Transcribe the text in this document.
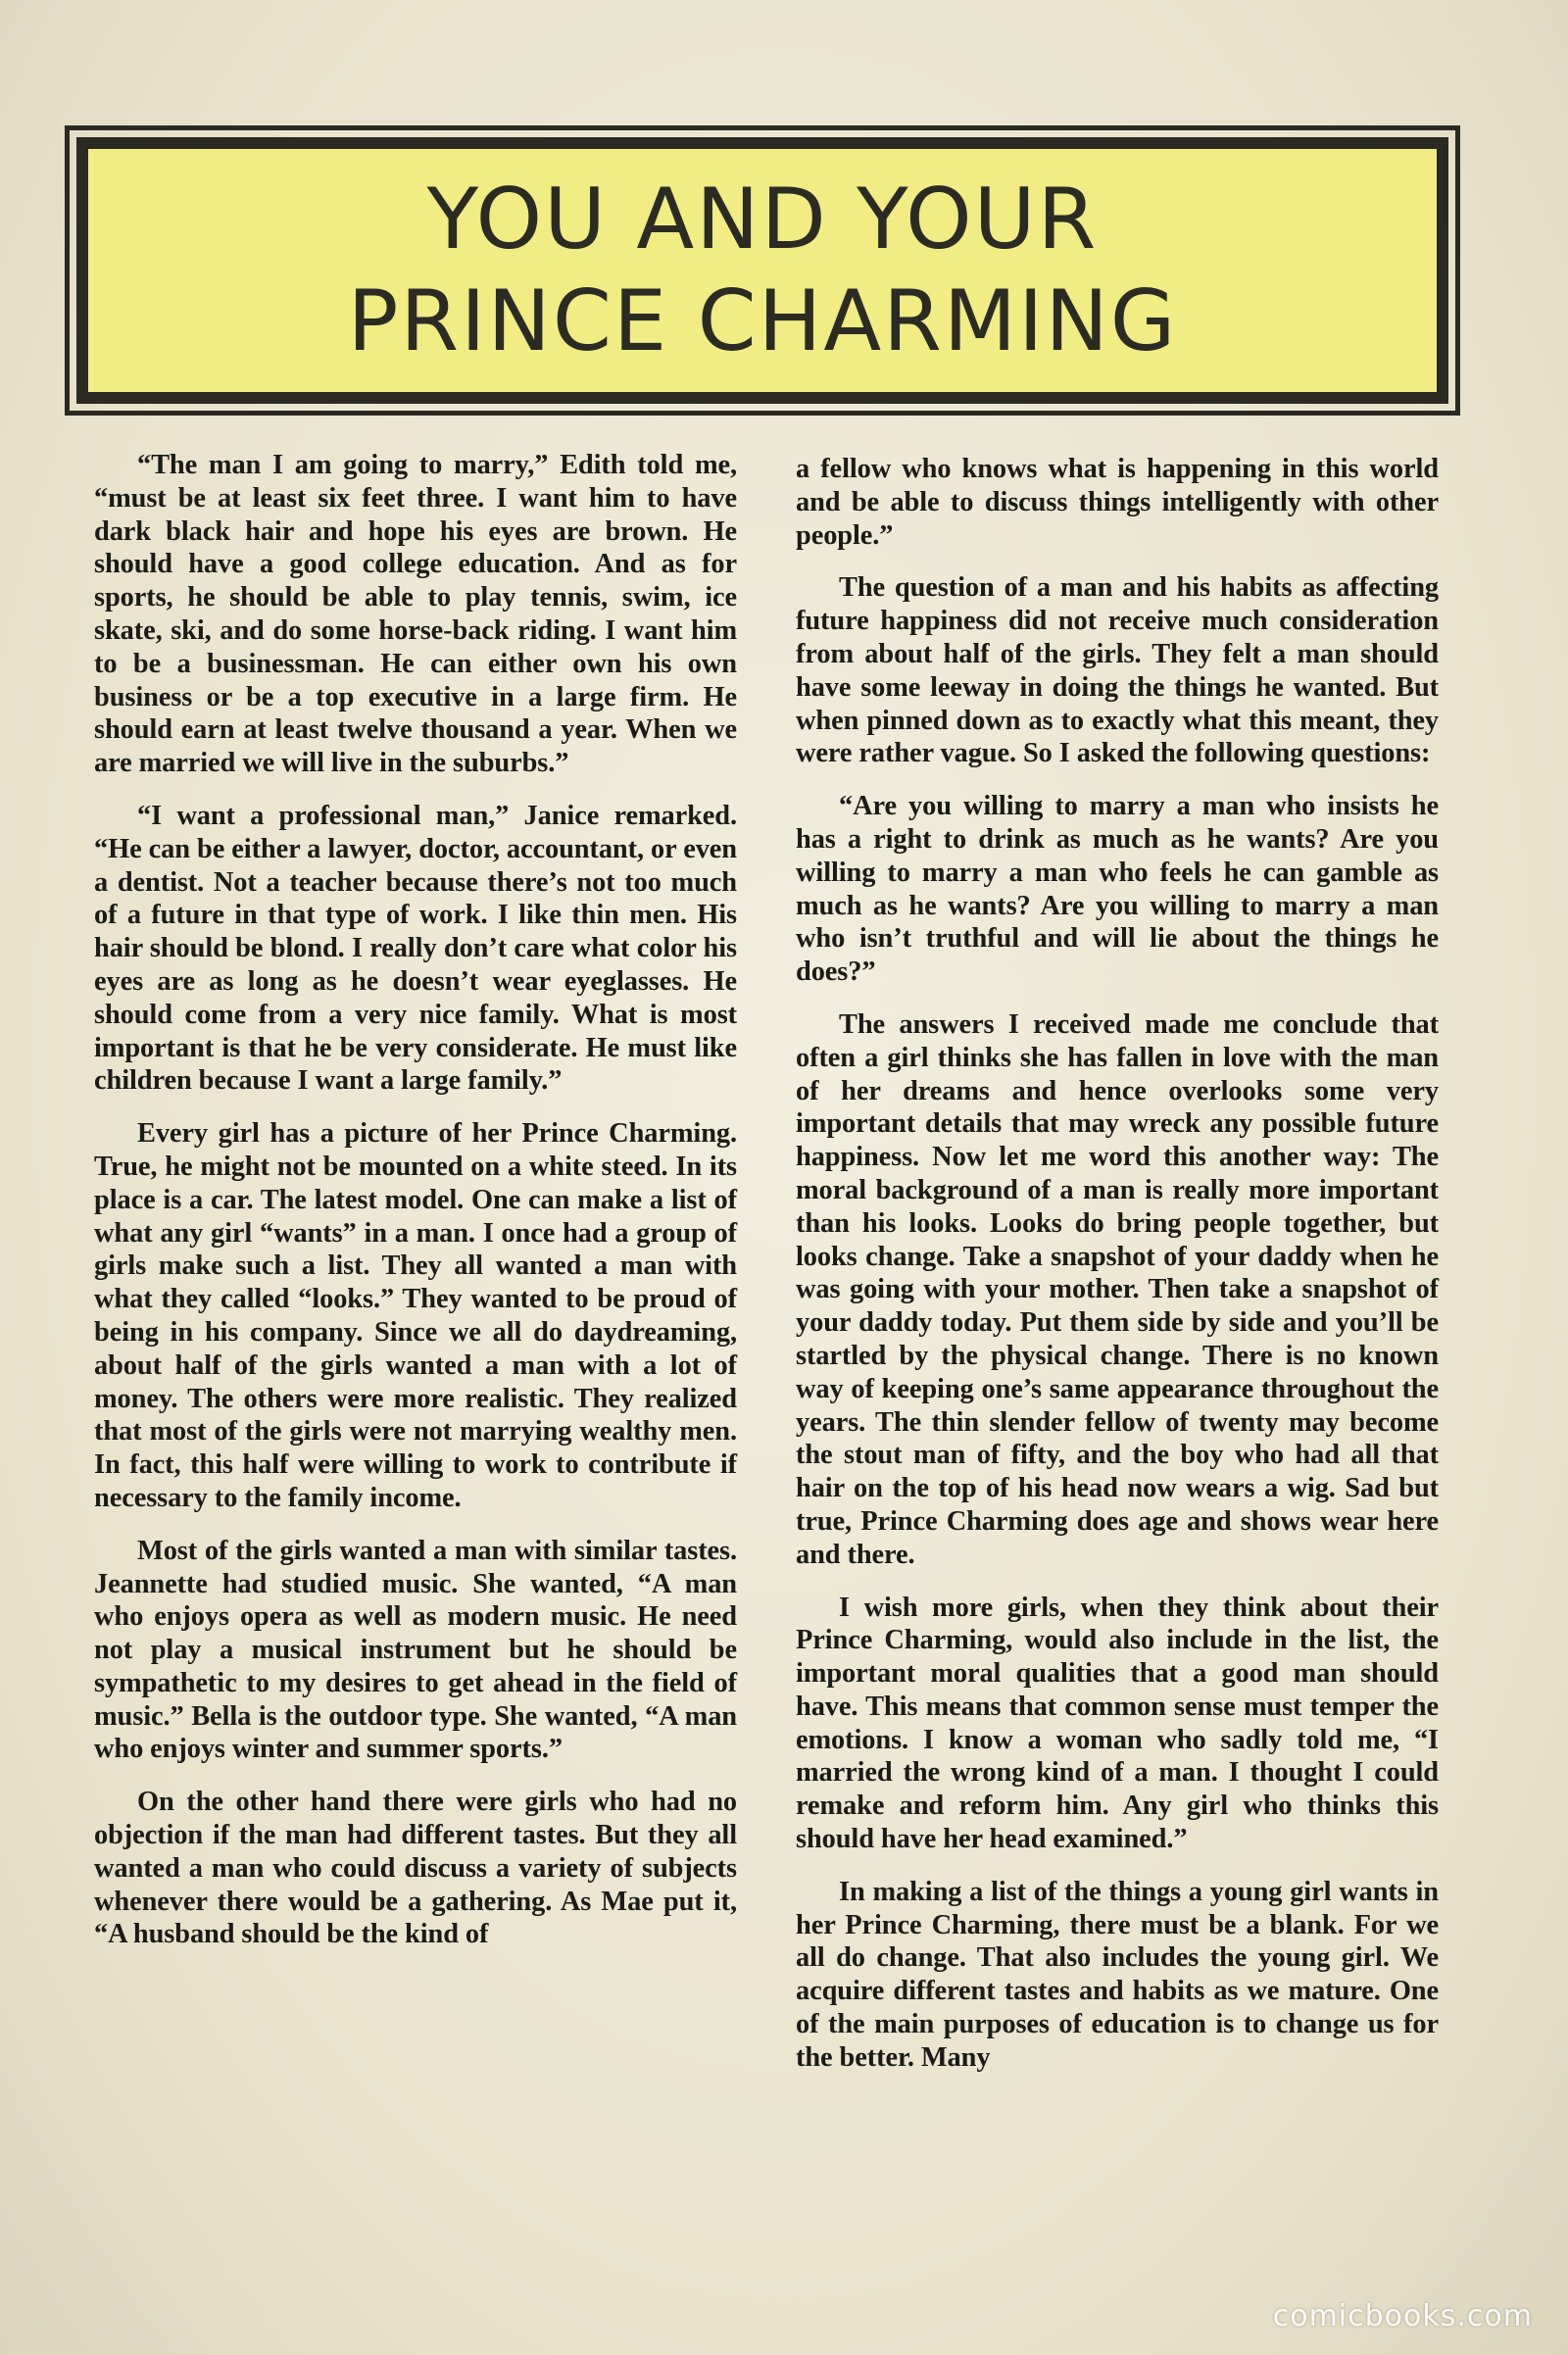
YOU AND YOUR
PRINCE CHARMING

“The man I am going to marry,” Edith told me, “must be at least six feet three. I want him to have dark black hair and hope his eyes are brown. He should have a good college education. And as for sports, he should be able to play tennis, swim, ice skate, ski, and do some horse-back riding. I want him to be a businessman. He can either own his own business or be a top executive in a large firm. He should earn at least twelve thousand a year. When we are married we will live in the suburbs.”

“I want a professional man,” Janice remarked. “He can be either a lawyer, doctor, accountant, or even a dentist. Not a teacher because there’s not too much of a future in that type of work. I like thin men. His hair should be blond. I really don’t care what color his eyes are as long as he doesn’t wear eyeglasses. He should come from a very nice family. What is most important is that he be very considerate. He must like children because I want a large family.”

Every girl has a picture of her Prince Charming. True, he might not be mounted on a white steed. In its place is a car. The latest model. One can make a list of what any girl “wants” in a man. I once had a group of girls make such a list. They all wanted a man with what they called “looks.” They wanted to be proud of being in his company. Since we all do daydreaming, about half of the girls wanted a man with a lot of money. The others were more realistic. They realized that most of the girls were not marrying wealthy men. In fact, this half were willing to work to contribute if necessary to the family income.

Most of the girls wanted a man with similar tastes. Jeannette had studied music. She wanted, “A man who enjoys opera as well as modern music. He need not play a musical instrument but he should be sympathetic to my desires to get ahead in the field of music.” Bella is the outdoor type. She wanted, “A man who enjoys winter and summer sports.”

On the other hand there were girls who had no objection if the man had different tastes. But they all wanted a man who could discuss a variety of subjects whenever there would be a gathering. As Mae put it, “A husband should be the kind of

a fellow who knows what is happening in this world and be able to discuss things intelligently with other people.”

The question of a man and his habits as affecting future happiness did not receive much consideration from about half of the girls. They felt a man should have some leeway in doing the things he wanted. But when pinned down as to exactly what this meant, they were rather vague. So I asked the following questions:

“Are you willing to marry a man who insists he has a right to drink as much as he wants? Are you willing to marry a man who feels he can gamble as much as he wants? Are you willing to marry a man who isn’t truthful and will lie about the things he does?”

The answers I received made me conclude that often a girl thinks she has fallen in love with the man of her dreams and hence overlooks some very important details that may wreck any possible future happiness. Now let me word this another way: The moral background of a man is really more important than his looks. Looks do bring people together, but looks change. Take a snapshot of your daddy when he was going with your mother. Then take a snapshot of your daddy today. Put them side by side and you’ll be startled by the physical change. There is no known way of keeping one’s same appearance throughout the years. The thin slender fellow of twenty may become the stout man of fifty, and the boy who had all that hair on the top of his head now wears a wig. Sad but true, Prince Charming does age and shows wear here and there.

I wish more girls, when they think about their Prince Charming, would also include in the list, the important moral qualities that a good man should have. This means that common sense must temper the emotions. I know a woman who sadly told me, “I married the wrong kind of a man. I thought I could remake and reform him. Any girl who thinks this should have her head examined.”

In making a list of the things a young girl wants in her Prince Charming, there must be a blank. For we all do change. That also includes the young girl. We acquire different tastes and habits as we mature. One of the main purposes of education is to change us for the better. Many

comicbooks.com
